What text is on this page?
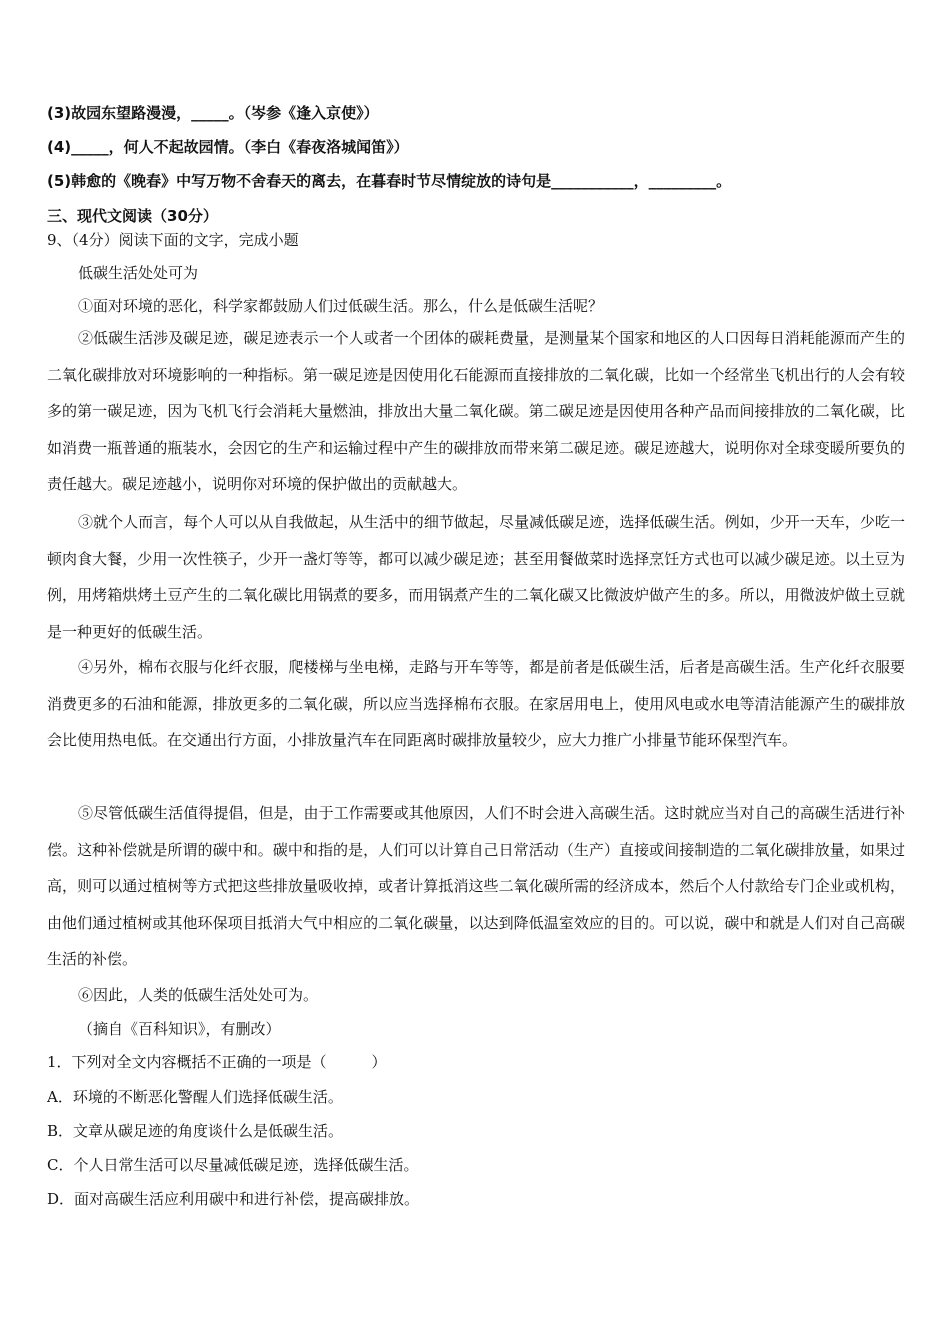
(3)故园东望路漫漫，_____。（岑参《逢入京使》）
(4)_____，何人不起故园情。（李白《春夜洛城闻笛》）
(5)韩愈的《晚春》中写万物不舍春天的离去，在暮春时节尽情绽放的诗句是___________，_________。
三、现代文阅读（30分）
9、（4分）阅读下面的文字，完成小题
低碳生活处处可为
①面对环境的恶化，科学家都鼓励人们过低碳生活。那么，什么是低碳生活呢？
②低碳生活涉及碳足迹，碳足迹表示一个人或者一个团体的碳耗费量，是测量某个国家和地区的人口因每日消耗能源而产生的二氧化碳排放对环境影响的一种指标。第一碳足迹是因使用化石能源而直接排放的二氧化碳，比如一个经常坐飞机出行的人会有较多的第一碳足迹，因为飞机飞行会消耗大量燃油，排放出大量二氧化碳。第二碳足迹是因使用各种产品而间接排放的二氧化碳，比如消费一瓶普通的瓶装水，会因它的生产和运输过程中产生的碳排放而带来第二碳足迹。碳足迹越大，说明你对全球变暖所要负的责任越大。碳足迹越小，说明你对环境的保护做出的贡献越大。
③就个人而言，每个人可以从自我做起，从生活中的细节做起，尽量减低碳足迹，选择低碳生活。例如，少开一天车，少吃一顿肉食大餐，少用一次性筷子，少开一盏灯等等，都可以减少碳足迹；甚至用餐做菜时选择烹饪方式也可以减少碳足迹。以土豆为例，用烤箱烘烤土豆产生的二氧化碳比用锅煮的要多，而用锅煮产生的二氧化碳又比微波炉做产生的多。所以，用微波炉做土豆就是一种更好的低碳生活。
④另外，棉布衣服与化纤衣服，爬楼梯与坐电梯，走路与开车等等，都是前者是低碳生活，后者是高碳生活。生产化纤衣服要消费更多的石油和能源，排放更多的二氧化碳，所以应当选择棉布衣服。在家居用电上，使用风电或水电等清洁能源产生的碳排放会比使用热电低。在交通出行方面，小排放量汽车在同距离时碳排放量较少，应大力推广小排量节能环保型汽车。
⑤尽管低碳生活值得提倡，但是，由于工作需要或其他原因，人们不时会进入高碳生活。这时就应当对自己的高碳生活进行补偿。这种补偿就是所谓的碳中和。碳中和指的是，人们可以计算自己日常活动（生产）直接或间接制造的二氧化碳排放量，如果过高，则可以通过植树等方式把这些排放量吸收掉，或者计算抵消这些二氧化碳所需的经济成本，然后个人付款给专门企业或机构，由他们通过植树或其他环保项目抵消大气中相应的二氧化碳量，以达到降低温室效应的目的。可以说，碳中和就是人们对自己高碳生活的补偿。
⑥因此，人类的低碳生活处处可为。
（摘自《百科知识》，有删改）
1．下列对全文内容概括不正确的一项是（　　　）
A．环境的不断恶化警醒人们选择低碳生活。
B．文章从碳足迹的角度谈什么是低碳生活。
C．个人日常生活可以尽量减低碳足迹，选择低碳生活。
D．面对高碳生活应利用碳中和进行补偿，提高碳排放。
